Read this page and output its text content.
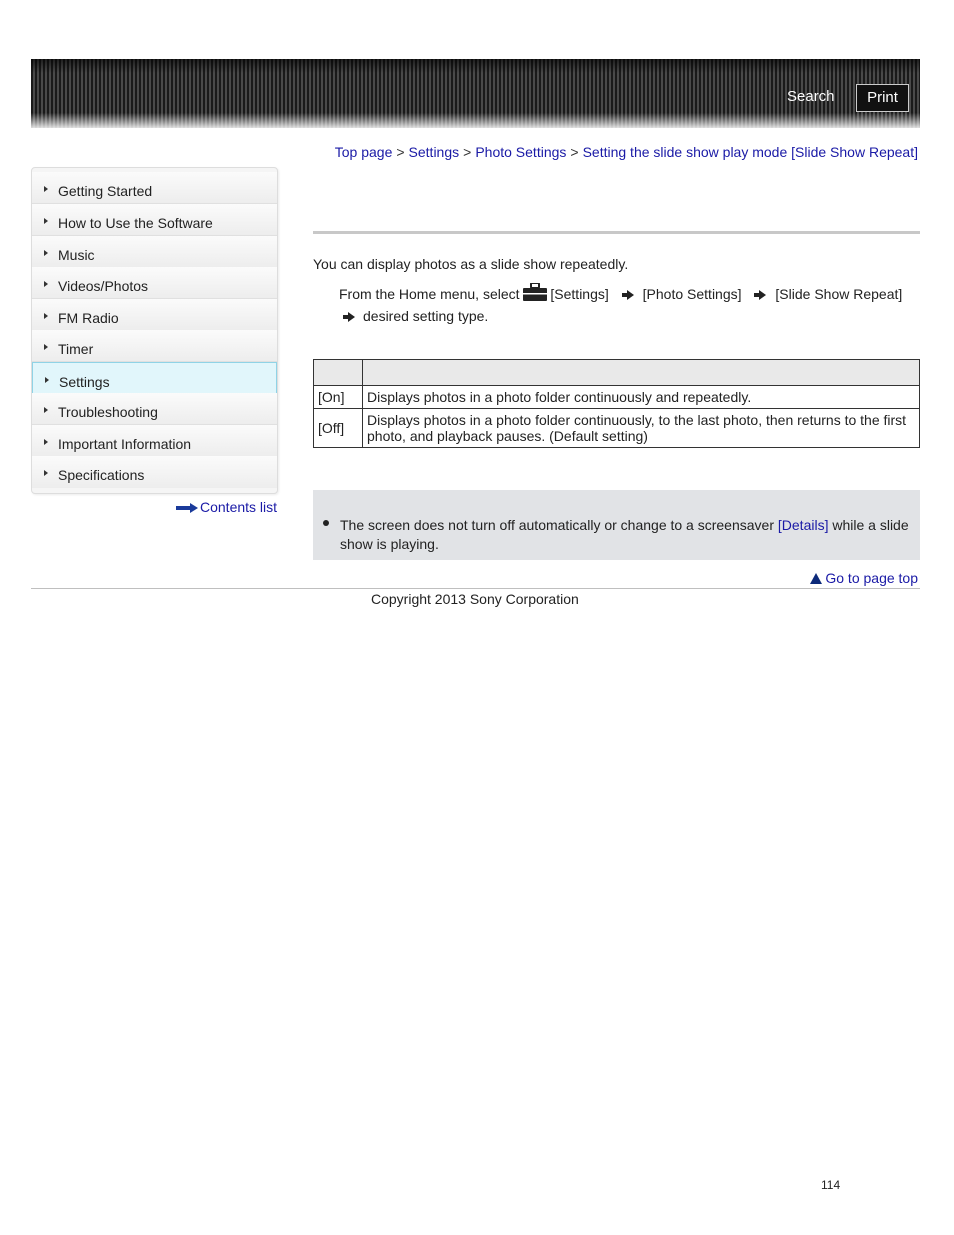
Search	Print
Top page > Settings > Photo Settings > Setting the slide show play mode [Slide Show Repeat]
Getting Started
How to Use the Software
Music
Videos/Photos
FM Radio
Timer
Settings
Troubleshooting
Important Information
Specifications
Contents list
You can display photos as a slide show repeatedly.
From the Home menu, select [Settings] [Photo Settings] [Slide Show Repeat]
desired setting type.

[On]	Displays photos in a photo folder continuously and repeatedly.
[Off]	Displays photos in a photo folder continuously, to the last photo, then returns to the first photo, and playback pauses. (Default setting)
The screen does not turn off automatically or change to a screensaver [Details] while a slide show is playing.
Go to page top
Copyright 2013 Sony Corporation
114
